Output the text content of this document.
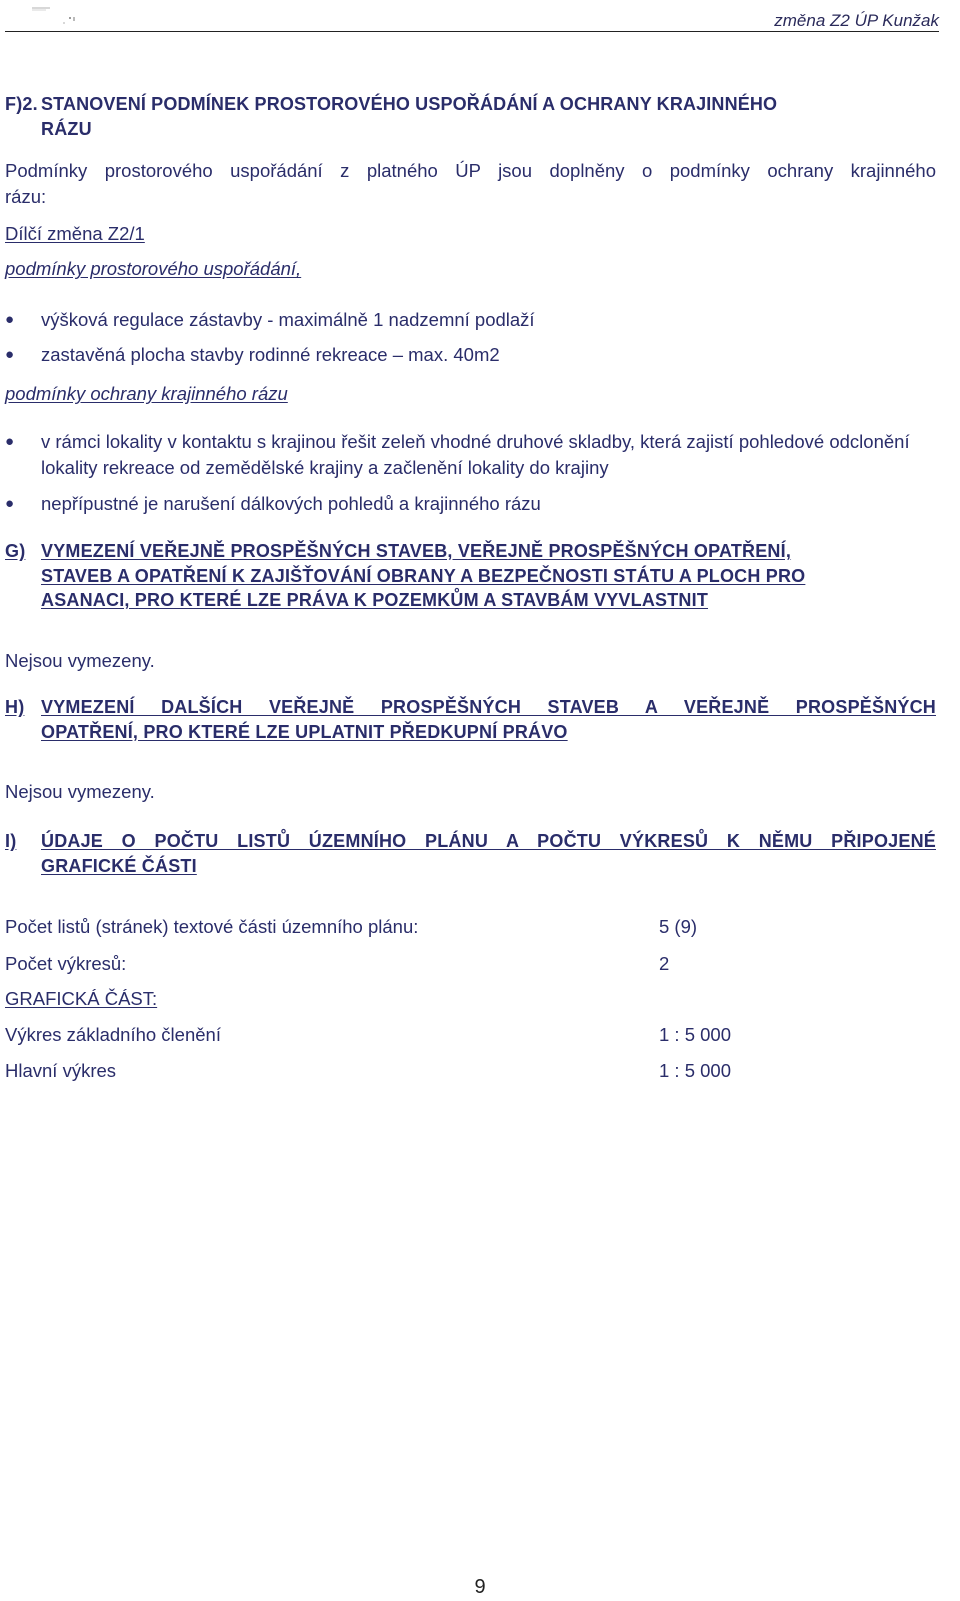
změna Z2 ÚP Kunžak
F)2. STANOVENÍ PODMÍNEK PROSTOROVÉHO USPOŘÁDÁNÍ A OCHRANY KRAJINNÉHO
RÁZU
Podmínky prostorového uspořádání z platného ÚP jsou doplněny o podmínky ochrany krajinného
rázu:
Dílčí změna Z2/1
podmínky prostorového uspořádání,
●	výšková regulace zástavby - maximálně 1 nadzemní podlaží
●	zastavěná plocha stavby rodinné rekreace – max. 40m2
podmínky ochrany krajinného rázu
●	v rámci lokality v kontaktu s krajinou řešit zeleň vhodné druhové skladby, která zajistí pohledové odclonění lokality rekreace od zemědělské krajiny a začlenění lokality do krajiny
●	nepřípustné je narušení dálkových pohledů a krajinného rázu
G) VYMEZENÍ VEŘEJNĚ PROSPĚŠNÝCH STAVEB, VEŘEJNĚ PROSPĚŠNÝCH OPATŘENÍ,
STAVEB A OPATŘENÍ K ZAJIŠŤOVÁNÍ OBRANY A BEZPEČNOSTI STÁTU A PLOCH PRO
ASANACI, PRO KTERÉ LZE PRÁVA K POZEMKŮM A STAVBÁM VYVLASTNIT
Nejsou vymezeny.
H) VYMEZENÍ DALŠÍCH VEŘEJNĚ PROSPĚŠNÝCH STAVEB A VEŘEJNĚ PROSPĚŠNÝCH
OPATŘENÍ, PRO KTERÉ LZE UPLATNIT PŘEDKUPNÍ PRÁVO
Nejsou vymezeny.
I)	ÚDAJE O POČTU LISTŮ ÚZEMNÍHO PLÁNU A POČTU VÝKRESŮ K NĚMU PŘIPOJENÉ
GRAFICKÉ ČÁSTI
Počet listů (stránek) textové části územního plánu:	5 (9)
Počet výkresů:	2
GRAFICKÁ ČÁST:
Výkres základního členění	1 : 5 000
Hlavní výkres	1 : 5 000
9
